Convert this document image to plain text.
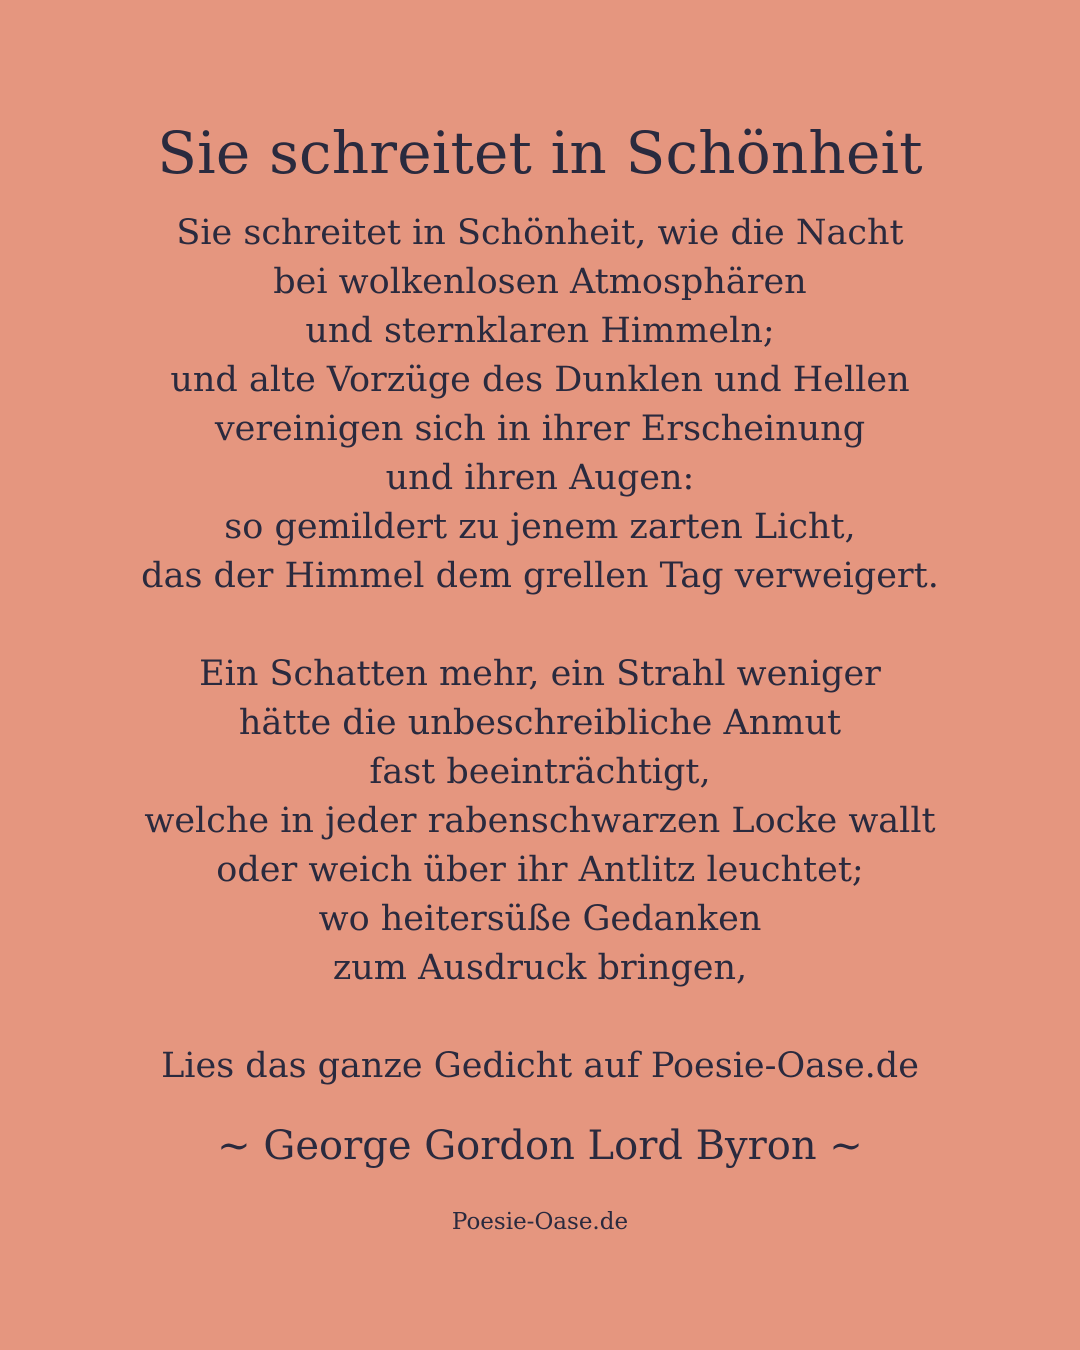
Sie schreitet in Schönheit
Sie schreitet in Schönheit, wie die Nacht
bei wolkenlosen Atmosphären
und sternklaren Himmeln;
und alte Vorzüge des Dunklen und Hellen
vereinigen sich in ihrer Erscheinung
und ihren Augen:
so gemildert zu jenem zarten Licht,
das der Himmel dem grellen Tag verweigert.
Ein Schatten mehr, ein Strahl weniger
hätte die unbeschreibliche Anmut
fast beeinträchtigt,
welche in jeder rabenschwarzen Locke wallt
oder weich über ihr Antlitz leuchtet;
wo heitersüße Gedanken
zum Ausdruck bringen,

Lies das ganze Gedicht auf Poesie-Oase.de

~ George Gordon Lord Byron ~

Poesie-Oase.de
